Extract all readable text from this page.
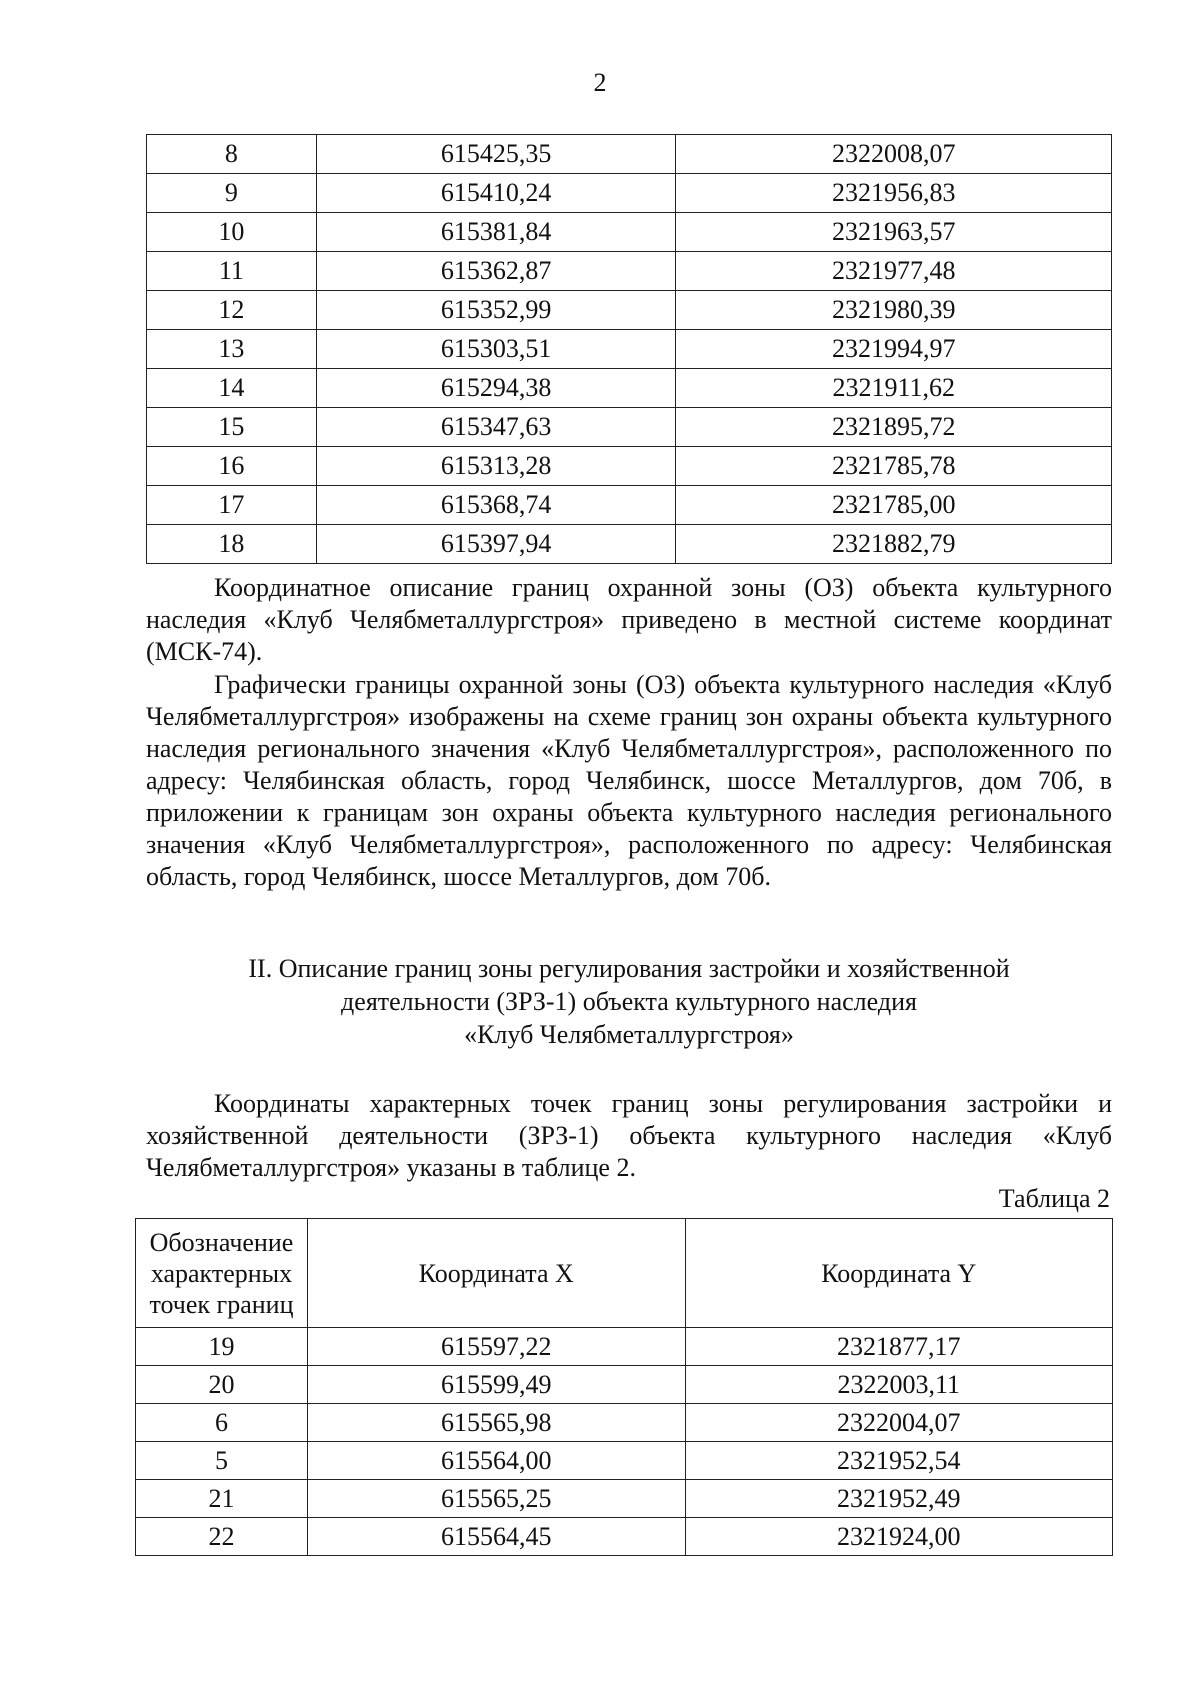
2
8	615425,35	2322008,07
9	615410,24	2321956,83
10	615381,84	2321963,57
11	615362,87	2321977,48
12	615352,99	2321980,39
13	615303,51	2321994,97
14	615294,38	2321911,62
15	615347,63	2321895,72
16	615313,28	2321785,78
17	615368,74	2321785,00
18	615397,94	2321882,79

Координатное описание границ охранной зоны (ОЗ) объекта культурного наследия «Клуб Челябметаллургстроя» приведено в местной системе координат (МСК-74).

Графически границы охранной зоны (ОЗ) объекта культурного наследия «Клуб Челябметаллургстроя» изображены на схеме границ зон охраны объекта культурного наследия регионального значения «Клуб Челябметаллургстроя», расположенного по адресу: Челябинская область, город Челябинск, шоссе Металлургов, дом 70б, в приложении к границам зон охраны объекта культурного наследия регионального значения «Клуб Челябметаллургстроя», расположенного по адресу: Челябинская область, город Челябинск, шоссе Металлургов, дом 70б.

II. Описание границ зоны регулирования застройки и хозяйственной
деятельности (ЗРЗ-1) объекта культурного наследия
«Клуб Челябметаллургстроя»

Координаты характерных точек границ зоны регулирования застройки и хозяйственной деятельности (ЗРЗ-1) объекта культурного наследия «Клуб Челябметаллургстроя» указаны в таблице 2.

Таблица 2
Обозначение характерных точек границ	Координата X	Координата Y
19	615597,22	2321877,17
20	615599,49	2322003,11
6	615565,98	2322004,07
5	615564,00	2321952,54
21	615565,25	2321952,49
22	615564,45	2321924,00
